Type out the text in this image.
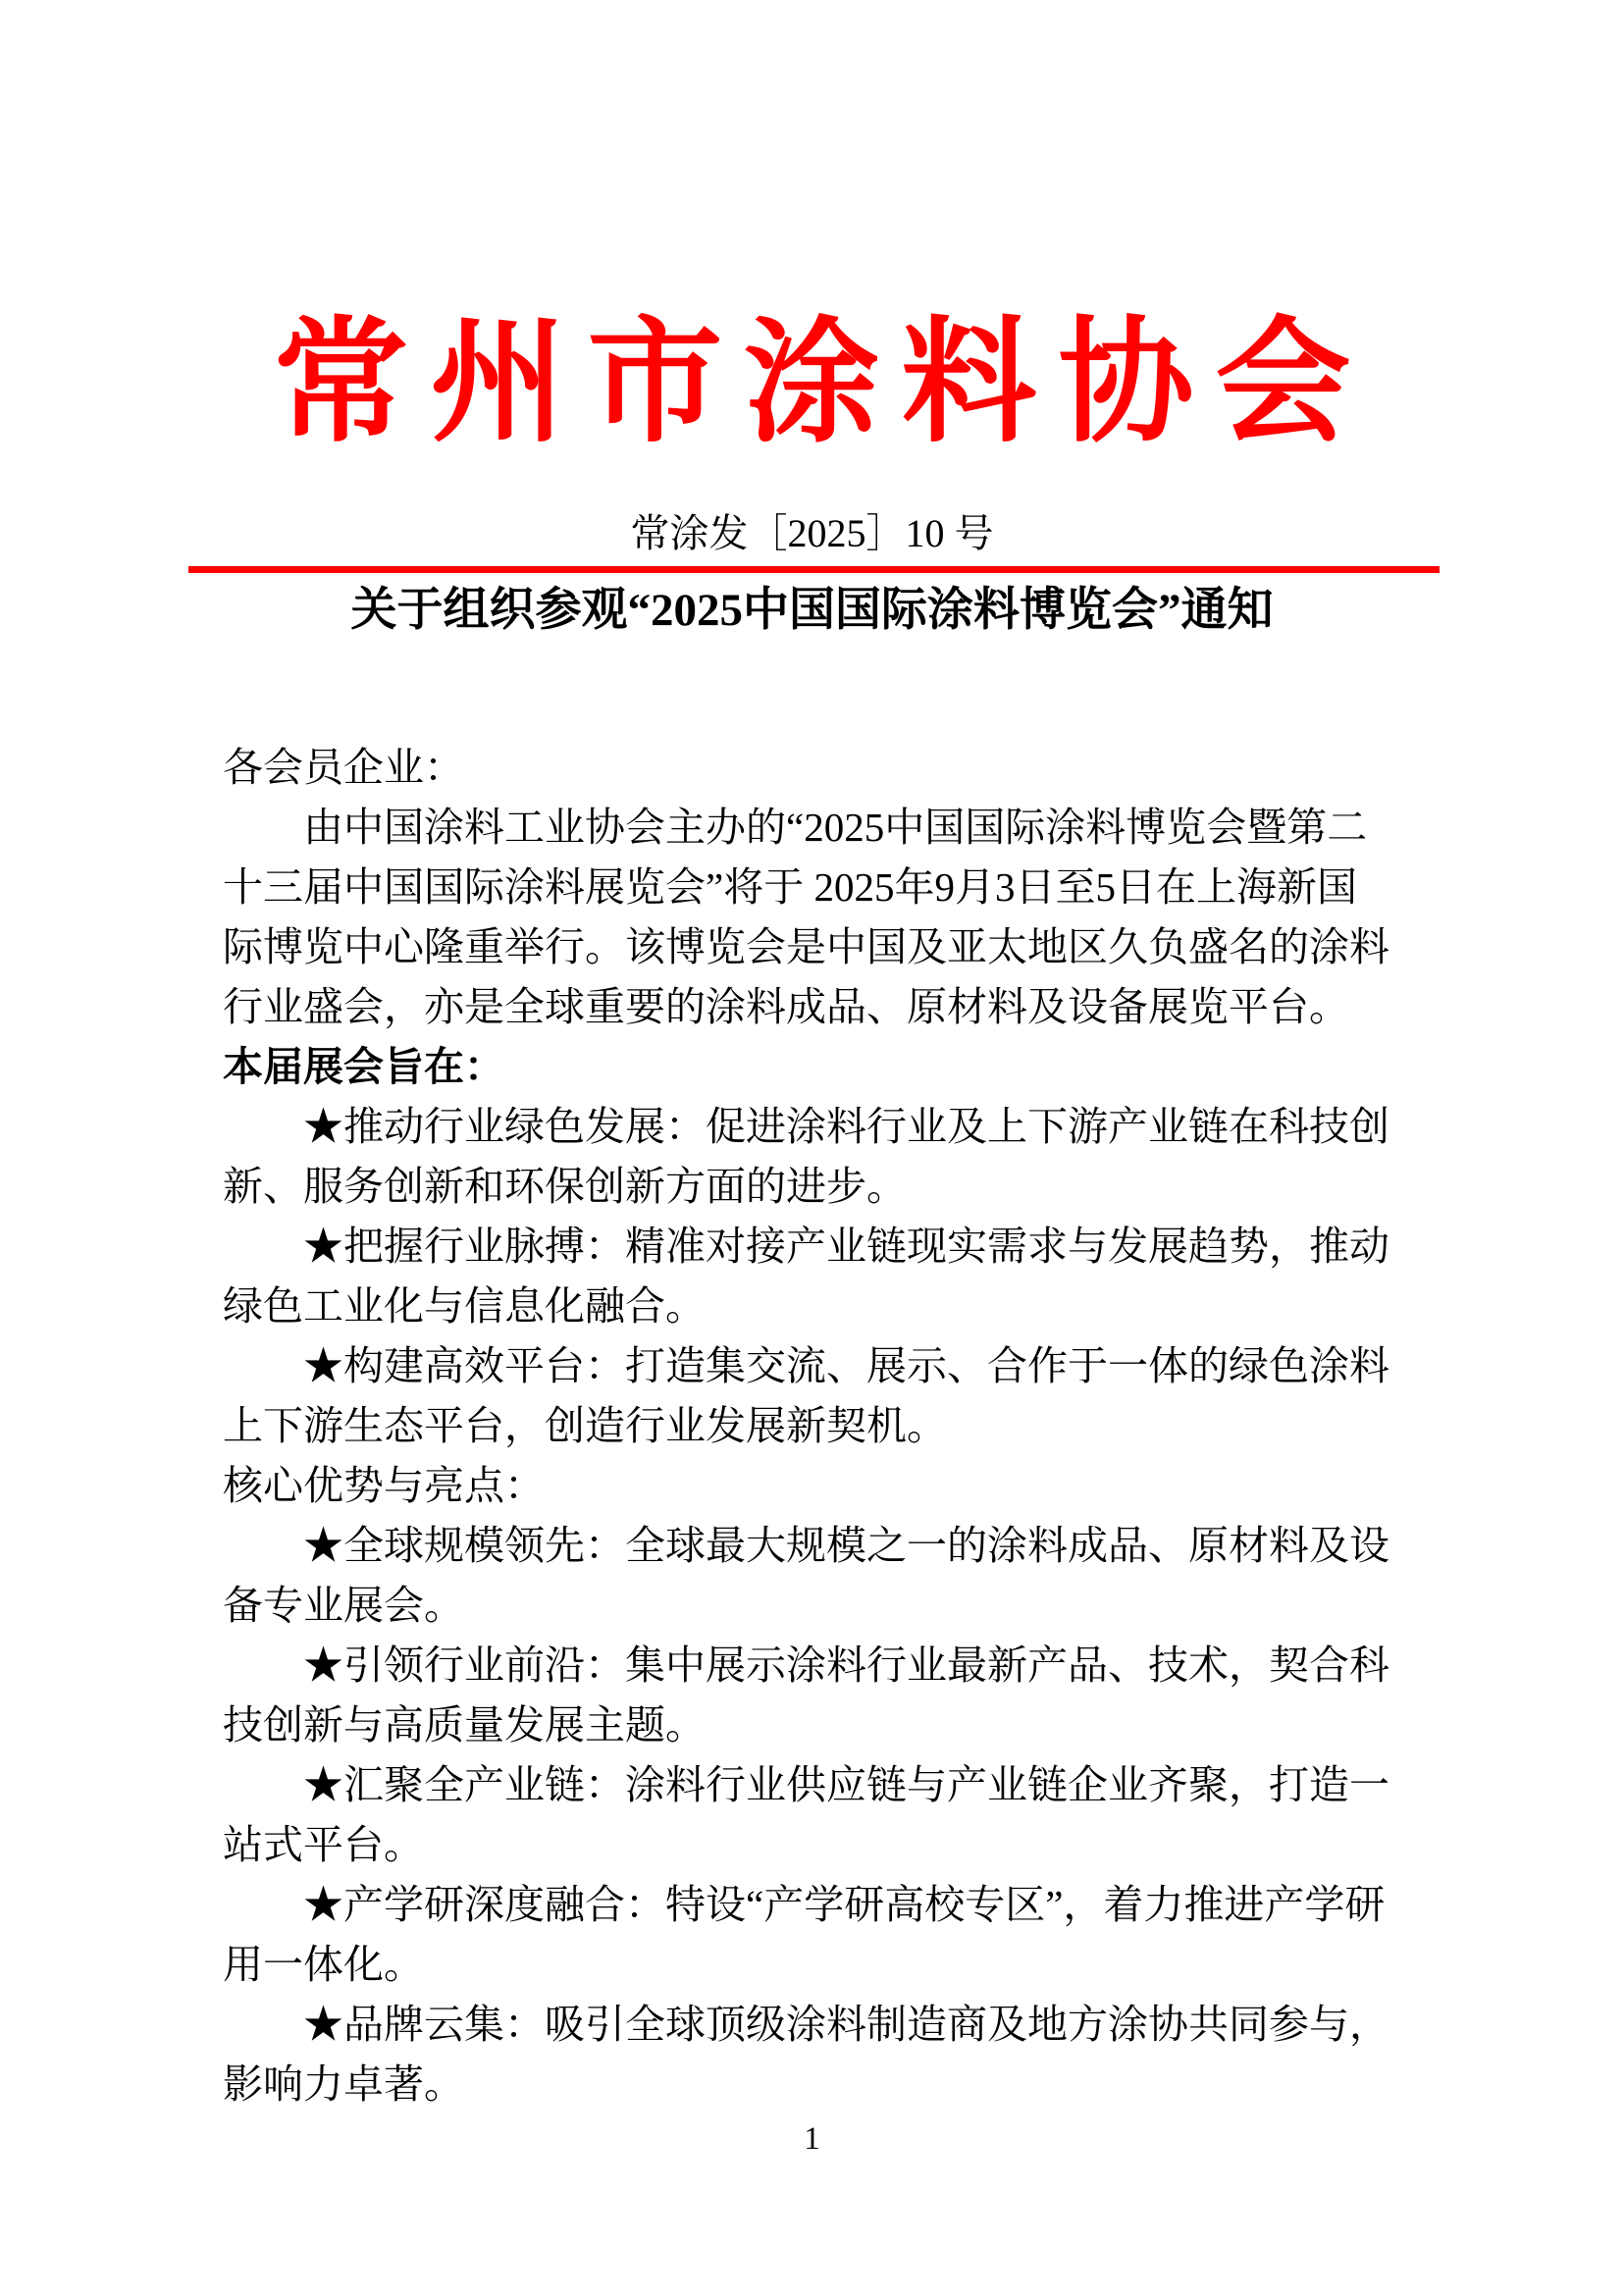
常州市涂料协会
常涂发［2025］10 号
关于组织参观“2025中国国际涂料博览会”通知
各会员企业：
由中国涂料工业协会主办的“2025中国国际涂料博览会暨第二
十三届中国国际涂料展览会”将于 2025年9月3日至5日在上海新国
际博览中心隆重举行。该博览会是中国及亚太地区久负盛名的涂料
行业盛会，亦是全球重要的涂料成品、原材料及设备展览平台。
本届展会旨在：
★推动行业绿色发展：促进涂料行业及上下游产业链在科技创
新、服务创新和环保创新方面的进步。
★把握行业脉搏：精准对接产业链现实需求与发展趋势，推动
绿色工业化与信息化融合。
★构建高效平台：打造集交流、展示、合作于一体的绿色涂料
上下游生态平台，创造行业发展新契机。
核心优势与亮点：
★全球规模领先：全球最大规模之一的涂料成品、原材料及设
备专业展会。
★引领行业前沿：集中展示涂料行业最新产品、技术，契合科
技创新与高质量发展主题。
★汇聚全产业链：涂料行业供应链与产业链企业齐聚，打造一
站式平台。
★产学研深度融合：特设“产学研高校专区”，着力推进产学研
用一体化。
★品牌云集：吸引全球顶级涂料制造商及地方涂协共同参与，
影响力卓著。
1
